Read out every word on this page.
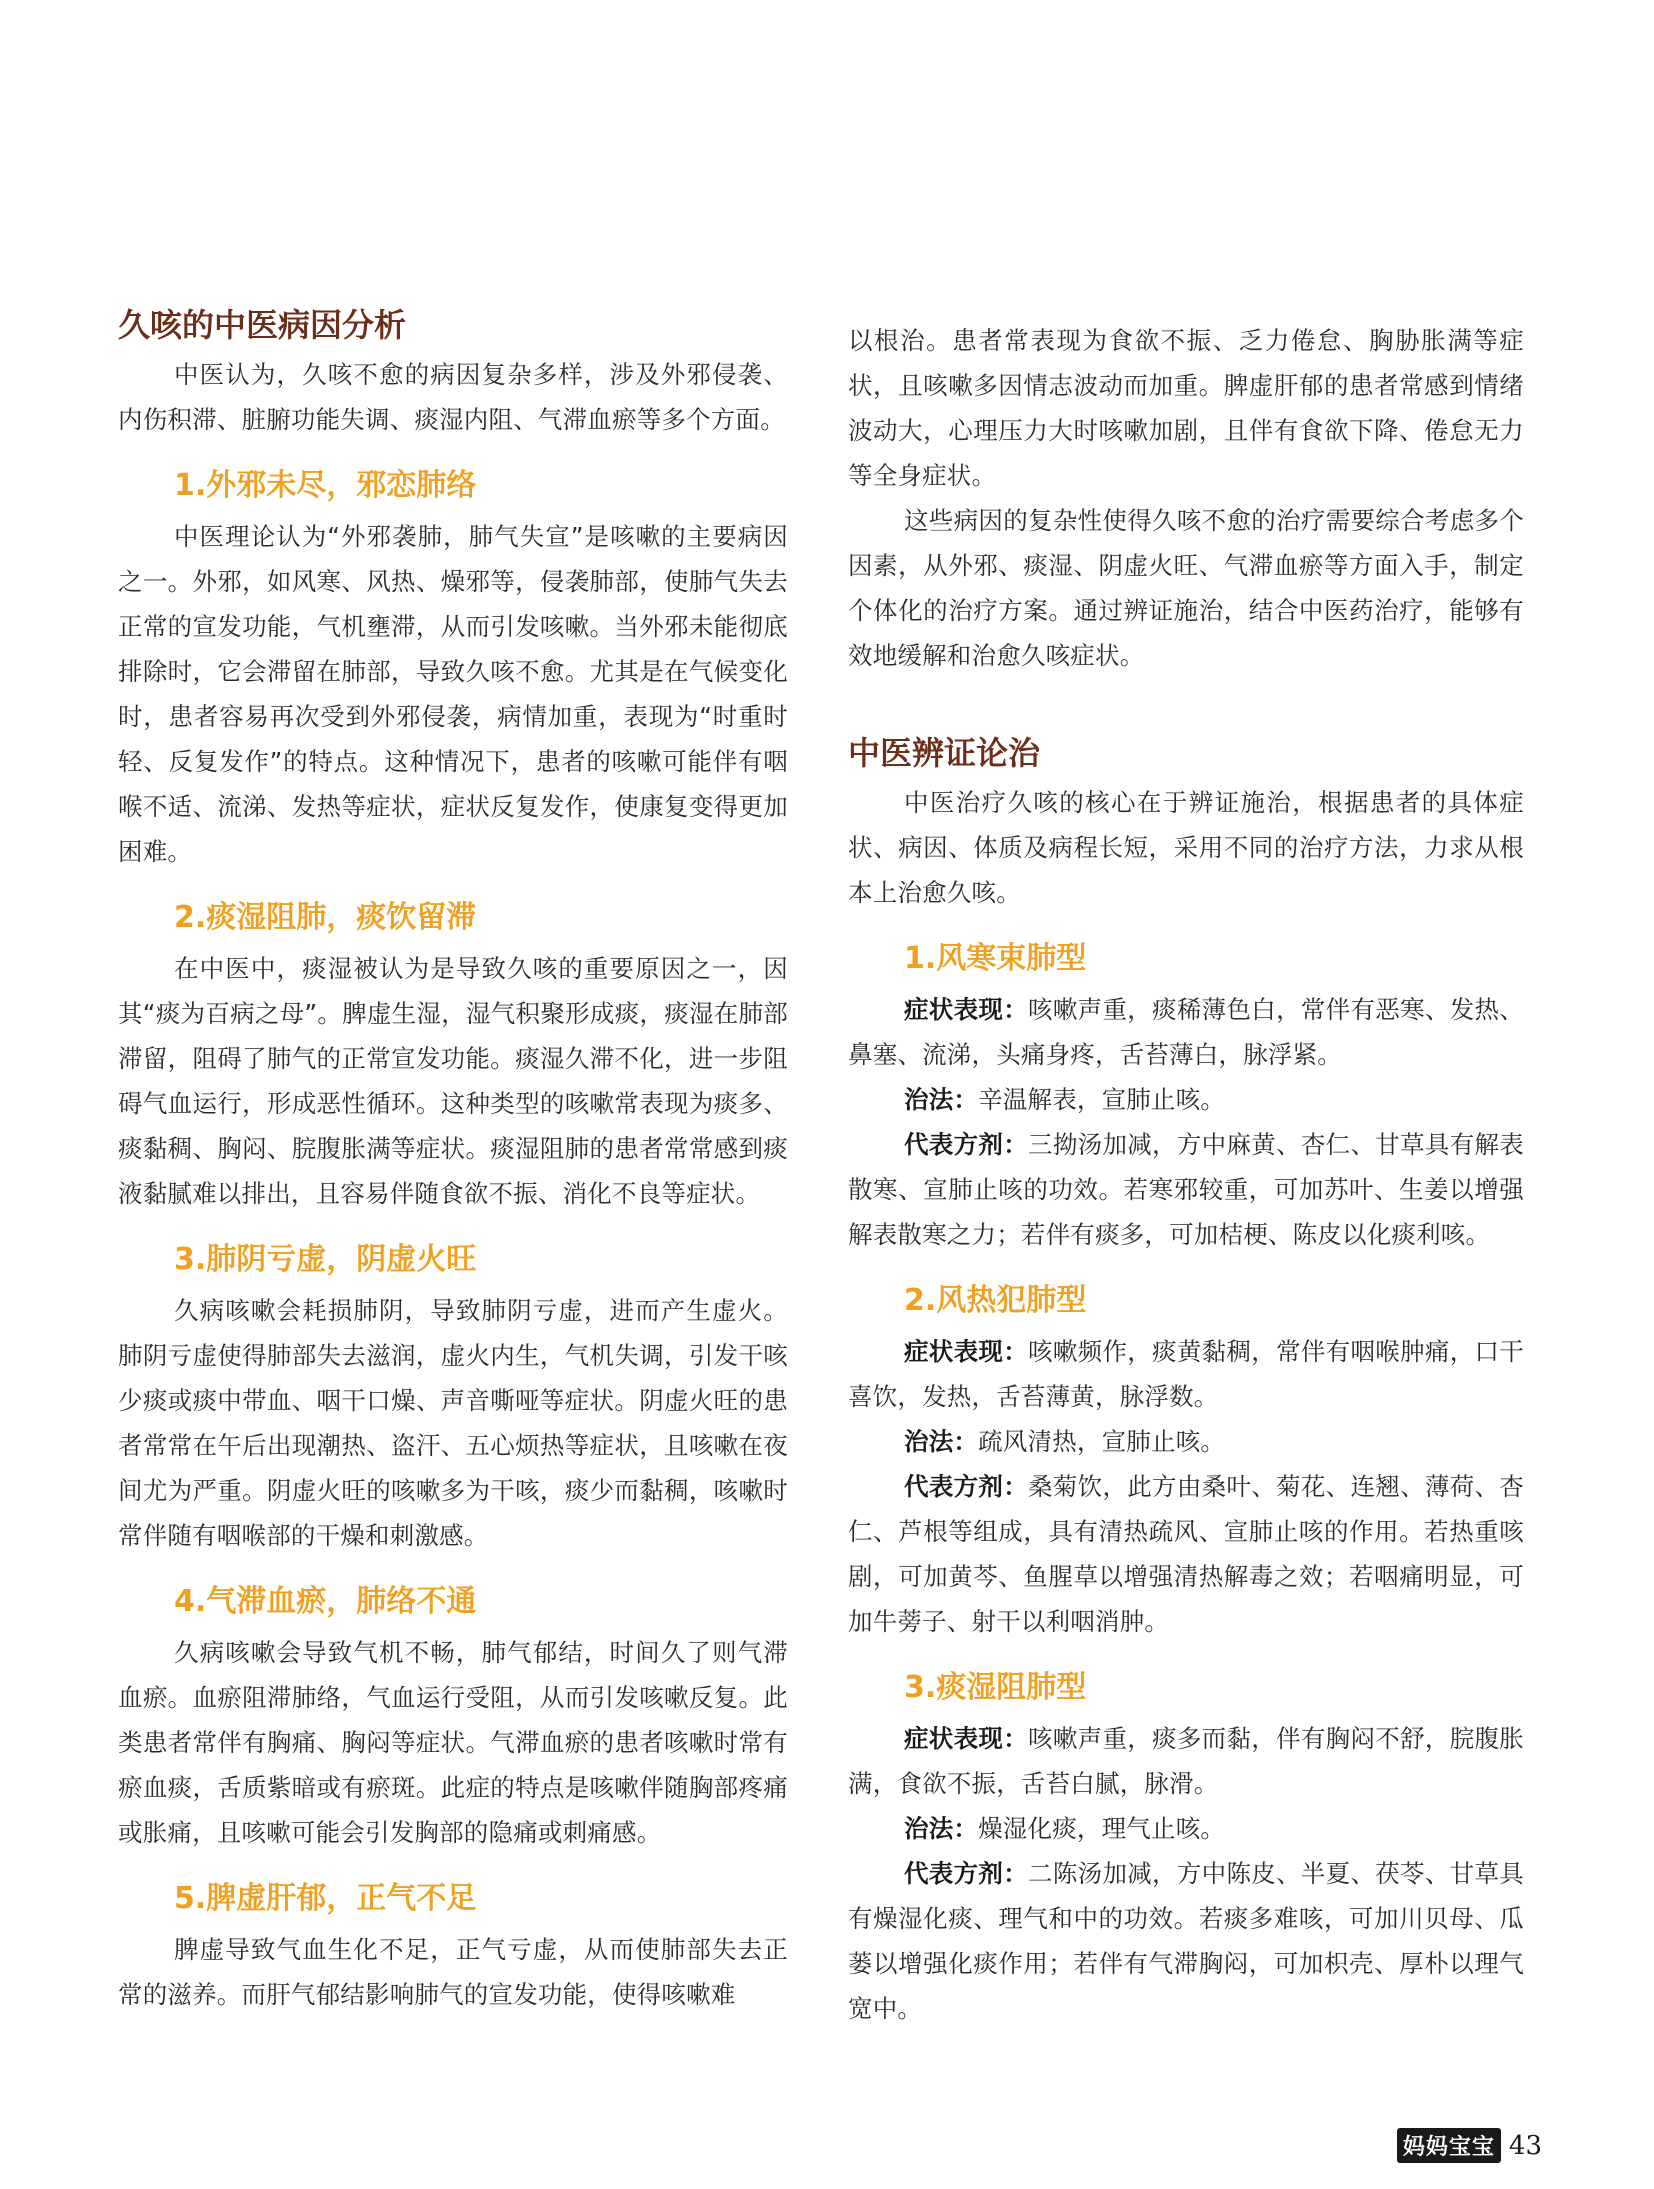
久咳的中医病因分析

中医认为，久咳不愈的病因复杂多样，涉及外邪侵袭、内伤积滞、脏腑功能失调、痰湿内阻、气滞血瘀等多个方面。

1.外邪未尽，邪恋肺络

中医理论认为“外邪袭肺，肺气失宣”是咳嗽的主要病因之一。外邪，如风寒、风热、燥邪等，侵袭肺部，使肺气失去正常的宣发功能，气机壅滞，从而引发咳嗽。当外邪未能彻底排除时，它会滞留在肺部，导致久咳不愈。尤其是在气候变化时，患者容易再次受到外邪侵袭，病情加重，表现为“时重时轻、反复发作”的特点。这种情况下，患者的咳嗽可能伴有咽喉不适、流涕、发热等症状，症状反复发作，使康复变得更加困难。

2.痰湿阻肺，痰饮留滞

在中医中，痰湿被认为是导致久咳的重要原因之一，因其“痰为百病之母”。脾虚生湿，湿气积聚形成痰，痰湿在肺部滞留，阻碍了肺气的正常宣发功能。痰湿久滞不化，进一步阻碍气血运行，形成恶性循环。这种类型的咳嗽常表现为痰多、痰黏稠、胸闷、脘腹胀满等症状。痰湿阻肺的患者常常感到痰液黏腻难以排出，且容易伴随食欲不振、消化不良等症状。

3.肺阴亏虚，阴虚火旺

久病咳嗽会耗损肺阴，导致肺阴亏虚，进而产生虚火。肺阴亏虚使得肺部失去滋润，虚火内生，气机失调，引发干咳少痰或痰中带血、咽干口燥、声音嘶哑等症状。阴虚火旺的患者常常在午后出现潮热、盗汗、五心烦热等症状，且咳嗽在夜间尤为严重。阴虚火旺的咳嗽多为干咳，痰少而黏稠，咳嗽时常伴随有咽喉部的干燥和刺激感。

4.气滞血瘀，肺络不通

久病咳嗽会导致气机不畅，肺气郁结，时间久了则气滞血瘀。血瘀阻滞肺络，气血运行受阻，从而引发咳嗽反复。此类患者常伴有胸痛、胸闷等症状。气滞血瘀的患者咳嗽时常有瘀血痰，舌质紫暗或有瘀斑。此症的特点是咳嗽伴随胸部疼痛或胀痛，且咳嗽可能会引发胸部的隐痛或刺痛感。

5.脾虚肝郁，正气不足

脾虚导致气血生化不足，正气亏虚，从而使肺部失去正常的滋养。而肝气郁结影响肺气的宣发功能，使得咳嗽难

以根治。患者常表现为食欲不振、乏力倦怠、胸胁胀满等症状，且咳嗽多因情志波动而加重。脾虚肝郁的患者常感到情绪波动大，心理压力大时咳嗽加剧，且伴有食欲下降、倦怠无力等全身症状。

这些病因的复杂性使得久咳不愈的治疗需要综合考虑多个因素，从外邪、痰湿、阴虚火旺、气滞血瘀等方面入手，制定个体化的治疗方案。通过辨证施治，结合中医药治疗，能够有效地缓解和治愈久咳症状。

中医辨证论治

中医治疗久咳的核心在于辨证施治，根据患者的具体症状、病因、体质及病程长短，采用不同的治疗方法，力求从根本上治愈久咳。

1.风寒束肺型

症状表现：咳嗽声重，痰稀薄色白，常伴有恶寒、发热、鼻塞、流涕，头痛身疼，舌苔薄白，脉浮紧。

治法：辛温解表，宣肺止咳。

代表方剂：三拗汤加减，方中麻黄、杏仁、甘草具有解表散寒、宣肺止咳的功效。若寒邪较重，可加苏叶、生姜以增强解表散寒之力；若伴有痰多，可加桔梗、陈皮以化痰利咳。

2.风热犯肺型

症状表现：咳嗽频作，痰黄黏稠，常伴有咽喉肿痛，口干喜饮，发热，舌苔薄黄，脉浮数。

治法：疏风清热，宣肺止咳。

代表方剂：桑菊饮，此方由桑叶、菊花、连翘、薄荷、杏仁、芦根等组成，具有清热疏风、宣肺止咳的作用。若热重咳剧，可加黄芩、鱼腥草以增强清热解毒之效；若咽痛明显，可加牛蒡子、射干以利咽消肿。

3.痰湿阻肺型

症状表现：咳嗽声重，痰多而黏，伴有胸闷不舒，脘腹胀满，食欲不振，舌苔白腻，脉滑。

治法：燥湿化痰，理气止咳。

代表方剂：二陈汤加减，方中陈皮、半夏、茯苓、甘草具有燥湿化痰、理气和中的功效。若痰多难咳，可加川贝母、瓜蒌以增强化痰作用；若伴有气滞胸闷，可加枳壳、厚朴以理气宽中。

妈妈宝宝 43
